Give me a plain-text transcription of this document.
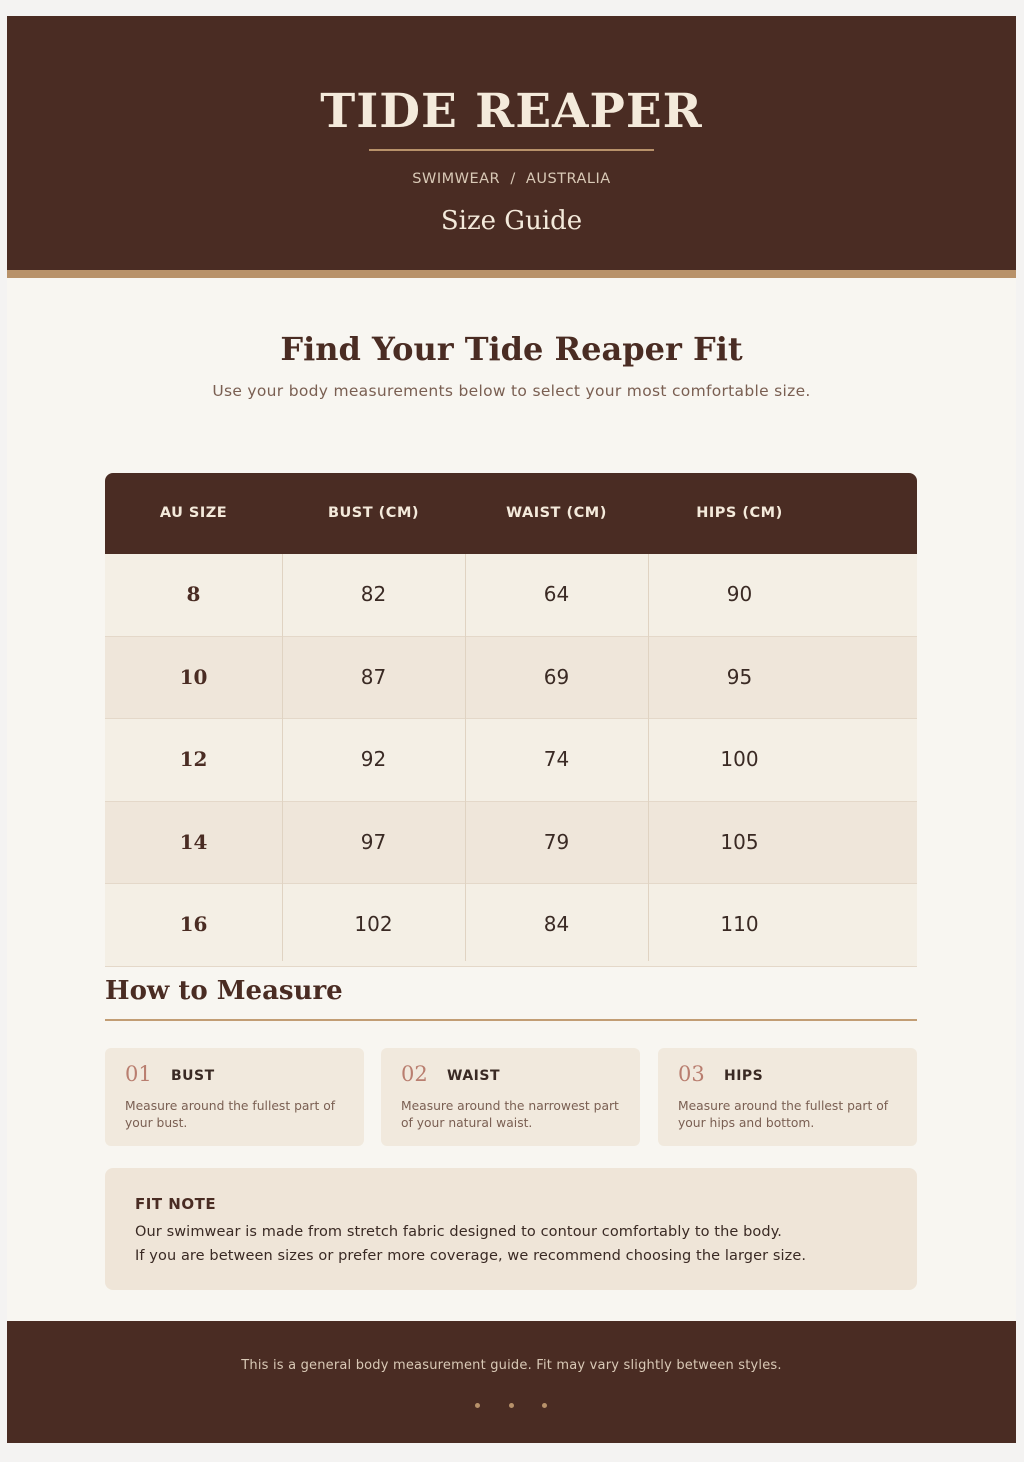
TIDE REAPER
SWIMWEAR  /  AUSTRALIA
Size Guide
Find Your Tide Reaper Fit
Use your body measurements below to select your most comfortable size.
AU SIZE	BUST (CM)	WAIST (CM)	HIPS (CM)
8	82	64	90
10	87	69	95
12	92	74	100
14	97	79	105
16	102	84	110
How to Measure
01 BUST
Measure around the fullest part of your bust.
02 WAIST
Measure around the narrowest part of your natural waist.
03 HIPS
Measure around the fullest part of your hips and bottom.
FIT NOTE
Our swimwear is made from stretch fabric designed to contour comfortably to the body.
If you are between sizes or prefer more coverage, we recommend choosing the larger size.
This is a general body measurement guide. Fit may vary slightly between styles.
